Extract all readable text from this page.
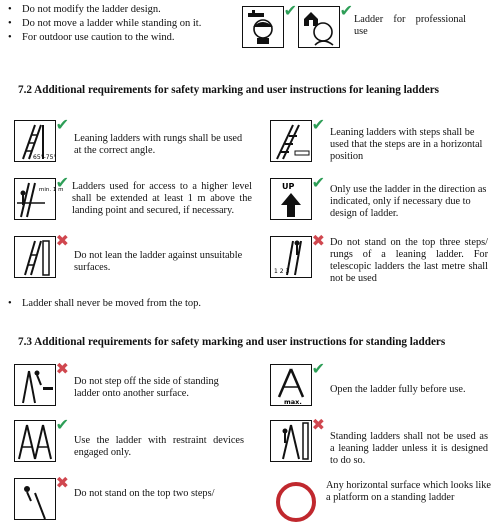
• Do not modify the ladder design.
• Do not move a ladder while standing on it.
• For outdoor use caution to the wind.
✔	✔ Ladder for professional use
7.2 Additional requirements for safety marking and user instructions for leaning ladders
65°-75°
✔
Leaning ladders with rungs shall be used at the correct angle.
✔ Leaning ladders with steps shall be used that the steps are in a horizontal position
min. 1 m
✔ Ladders used for access to a higher level shall be extended at least 1 m above the landing point and secured, if necessary.
UP ✔ Only use the ladder in the direction as indicated, only if necessary due to design of ladder.
✖
Do not lean the ladder against unsuitable surfaces.	1 2 3
✖ Do not stand on the top three steps/ rungs of a leaning ladder. For telescopic ladders the last metre shall not be used
• Ladder shall never be moved from the top.
7.3 Additional requirements for safety marking and user instructions for standing ladders
✖
Do not step off the side of standing ladder onto another surface.
max.
✔
Open the ladder fully before use.
✔
Use the ladder with restraint devices engaged only.
✖
Standing ladders shall not be used as a leaning ladder unless it is designed to do so.
✖
Do not stand on the top two steps/
Any horizontal surface which looks like a platform on a standing ladder
